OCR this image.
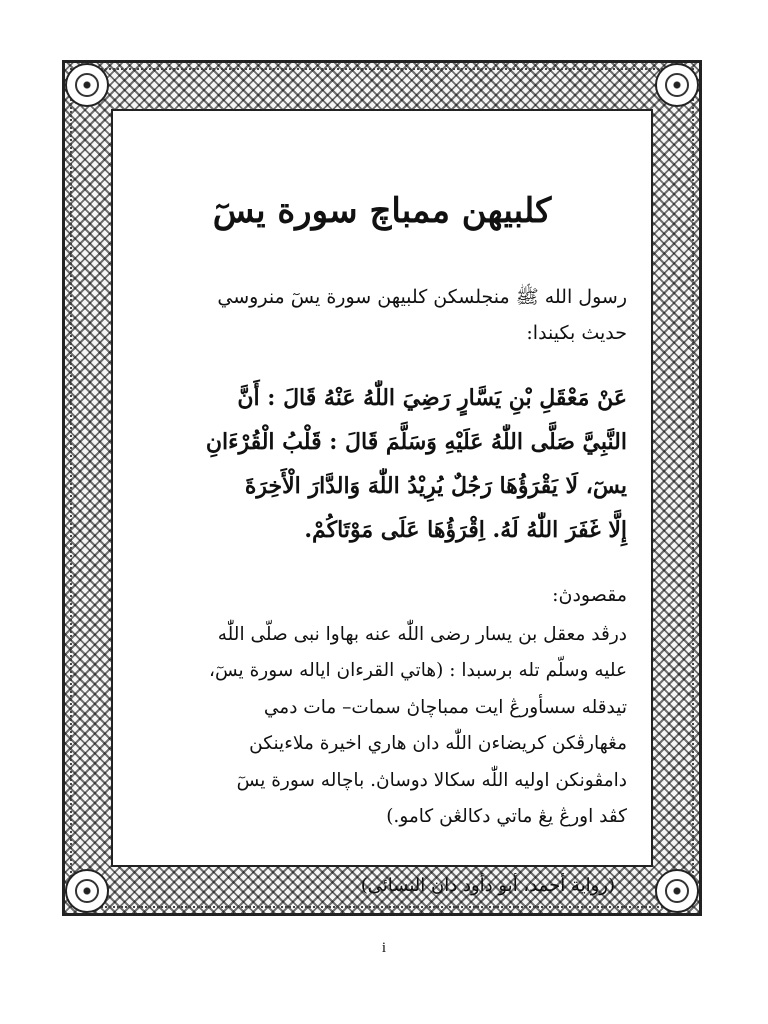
كلبيهن ممباچ سورة يسٓ
رسول الله ﷺ منجلسكن كلبيهن سورة يسٓ منروسي
حديث بكيندا:
عَنْ مَعْقَلِ بْنِ يَسَّارٍ رَضِيَ اللّٰهُ عَنْهُ قَالَ : أَنَّ
النَّبِيَّ صَلَّى اللّٰهُ عَلَيْهِ وَسَلَّمَ قَالَ : قَلْبُ الْقُرْءَانِ
يسٓ، لَا يَقْرَؤُهَا رَجُلٌ يُرِيْدُ اللّٰهَ وَالدَّارَ الْأَخِرَةَ
إِلَّا غَفَرَ اللّٰهُ لَهُ. اِقْرَؤُهَا عَلَى مَوْتَاكُمْ.
مقصودڽ:
درڤد معقل بن يسار رضى اللّٰه عنه بهاوا نبى صلّى اللّٰه
عليه وسلّم تله برسبدا : (هاتي القرءان اياله سورة يسٓ،
تيدقله سسأورڠ ايت ممباچاڽ سمات– مات دمي
مڠهارڤكن كريضاءن اللّٰه دان هاري اخيرة ملاءينكن
دامڤونكن اوليه اللّٰه سكالا دوساڽ. باچاله سورة يسٓ
كڤد اورڠ يڠ ماتي دكالڠن كامو.)
(رواية أحمد، أبو دأود دان النسائى)
i
